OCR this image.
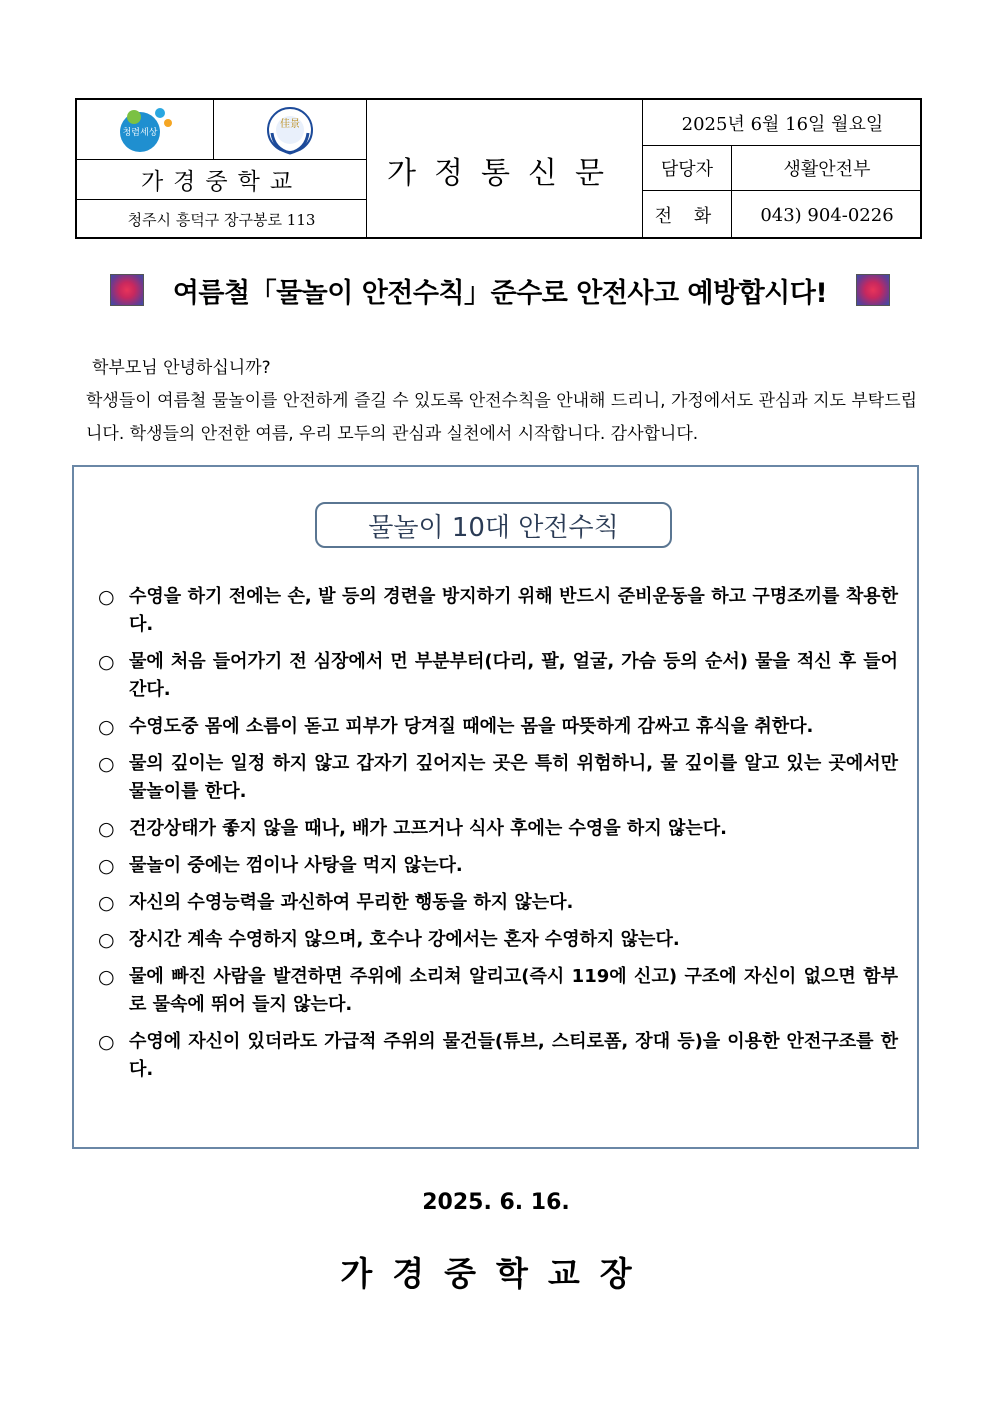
청렴세상
佳景
가경중학교
청주시 흥덕구 장구봉로 113
가정통신문
2025년 6월 16일 월요일
담당자	생활안전부
전 화	043) 904-0226
여름철「물놀이 안전수칙」준수로 안전사고 예방합시다!

학부모님 안녕하십니까?

학생들이 여름철 물놀이를 안전하게 즐길 수 있도록 안전수칙을 안내해 드리니, 가정에서도 관심과 지도 부탁드립니다. 학생들의 안전한 여름, 우리 모두의 관심과 실천에서 시작합니다. 감사합니다.

물놀이 10대 안전수칙
○ 수영을 하기 전에는 손, 발 등의 경련을 방지하기 위해 반드시 준비운동을 하고 구명조끼를 착용한다.
○ 물에 처음 들어가기 전 심장에서 먼 부분부터(다리, 팔, 얼굴, 가슴 등의 순서) 물을 적신 후 들어간다.
○ 수영도중 몸에 소름이 돋고 피부가 당겨질 때에는 몸을 따뜻하게 감싸고 휴식을 취한다.
○ 물의 깊이는 일정 하지 않고 갑자기 깊어지는 곳은 특히 위험하니, 물 깊이를 알고 있는 곳에서만 물놀이를 한다.
○ 건강상태가 좋지 않을 때나, 배가 고프거나 식사 후에는 수영을 하지 않는다.
○ 물놀이 중에는 껌이나 사탕을 먹지 않는다.
○ 자신의 수영능력을 과신하여 무리한 행동을 하지 않는다.
○ 장시간 계속 수영하지 않으며, 호수나 강에서는 혼자 수영하지 않는다.
○ 물에 빠진 사람을 발견하면 주위에 소리쳐 알리고(즉시 119에 신고) 구조에 자신이 없으면 함부로 물속에 뛰어 들지 않는다.
○ 수영에 자신이 있더라도 가급적 주위의 물건들(튜브, 스티로폼, 장대 등)을 이용한 안전구조를 한다.
2025. 6. 16.
가경중학교장
